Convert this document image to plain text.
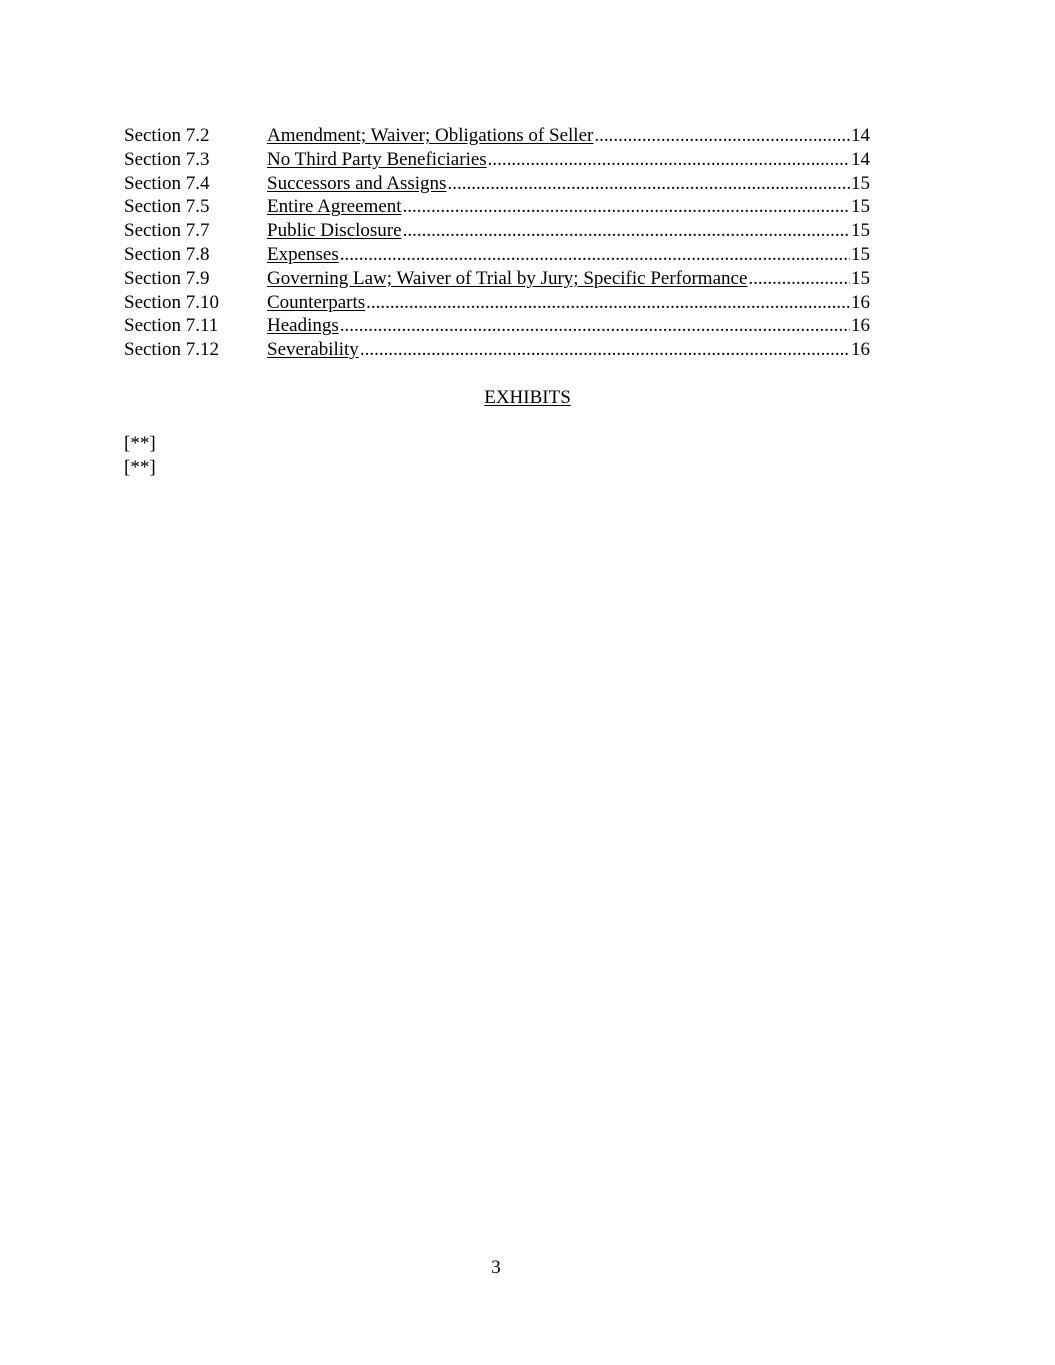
Section 7.2	Amendment; Waiver; Obligations of Seller .....	14
Section 7.3	No Third Party Beneficiaries .....	14
Section 7.4	Successors and Assigns .....	15
Section 7.5	Entire Agreement .....	15
Section 7.7	Public Disclosure .....	15
Section 7.8	Expenses .....	15
Section 7.9	Governing Law; Waiver of Trial by Jury; Specific Performance .....	15
Section 7.10	Counterparts .....	16
Section 7.11	Headings .....	16
Section 7.12	Severability .....	16
EXHIBITS
[**]
[**]
3
